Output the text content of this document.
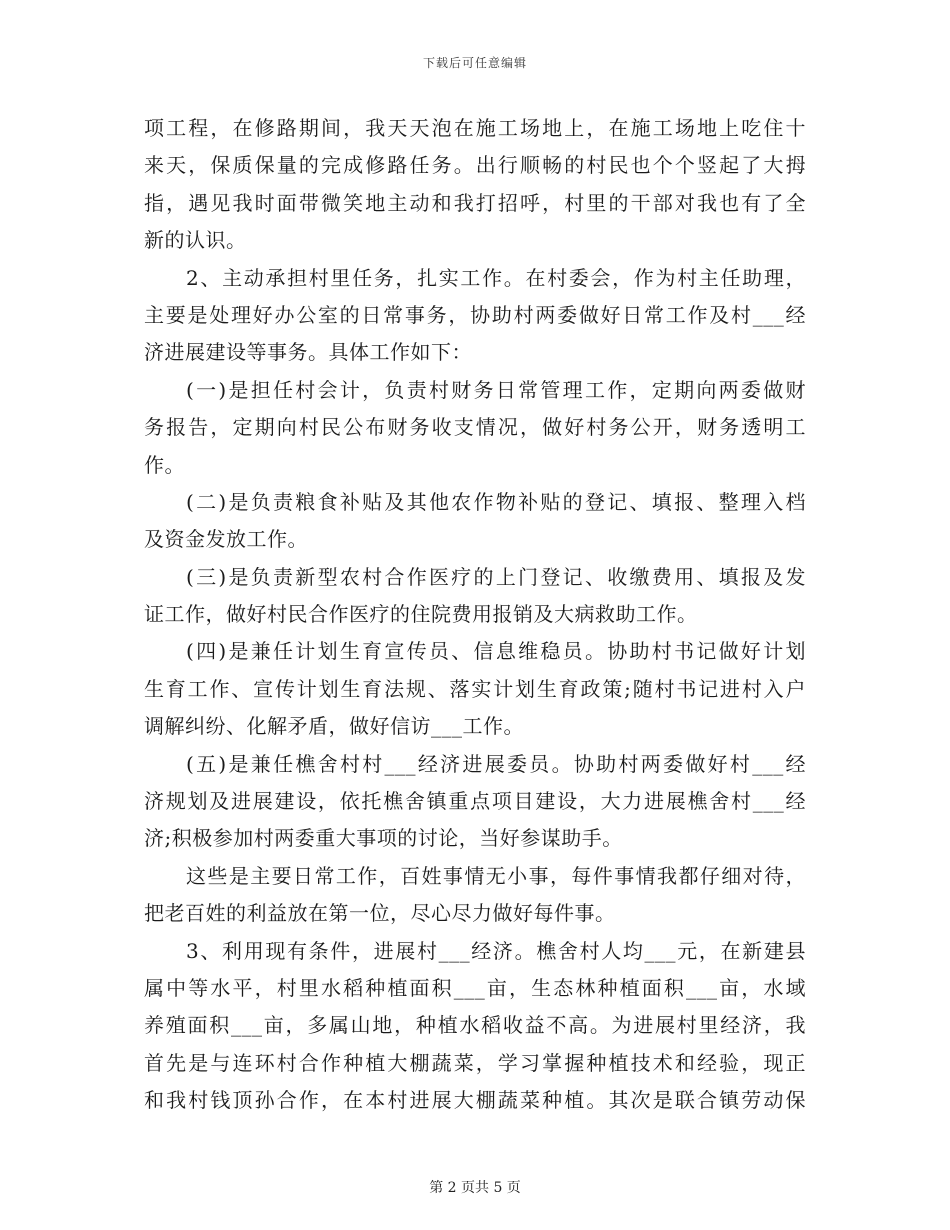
下载后可任意编辑
项工程，在修路期间，我天天泡在施工场地上，在施工场地上吃住十
来天，保质保量的完成修路任务。出行顺畅的村民也个个竖起了大拇
指，遇见我时面带微笑地主动和我打招呼，村里的干部对我也有了全
新的认识。
2、主动承担村里任务，扎实工作。在村委会，作为村主任助理，
主要是处理好办公室的日常事务，协助村两委做好日常工作及村___经
济进展建设等事务。具体工作如下：
(一)是担任村会计，负责村财务日常管理工作，定期向两委做财
务报告，定期向村民公布财务收支情况，做好村务公开，财务透明工
作。
(二)是负责粮食补贴及其他农作物补贴的登记、填报、整理入档
及资金发放工作。
(三)是负责新型农村合作医疗的上门登记、收缴费用、填报及发
证工作，做好村民合作医疗的住院费用报销及大病救助工作。
(四)是兼任计划生育宣传员、信息维稳员。协助村书记做好计划
生育工作、宣传计划生育法规、落实计划生育政策;随村书记进村入户
调解纠纷、化解矛盾，做好信访___工作。
(五)是兼任樵舍村村___经济进展委员。协助村两委做好村___经
济规划及进展建设，依托樵舍镇重点项目建设，大力进展樵舍村___经
济;积极参加村两委重大事项的讨论，当好参谋助手。
这些是主要日常工作，百姓事情无小事，每件事情我都仔细对待，
把老百姓的利益放在第一位，尽心尽力做好每件事。
3、利用现有条件，进展村___经济。樵舍村人均___元，在新建县
属中等水平，村里水稻种植面积___亩，生态林种植面积___亩，水域
养殖面积___亩，多属山地，种植水稻收益不高。为进展村里经济，我
首先是与连环村合作种植大棚蔬菜，学习掌握种植技术和经验，现正
和我村钱顶孙合作，在本村进展大棚蔬菜种植。其次是联合镇劳动保
第 2 页共 5 页
